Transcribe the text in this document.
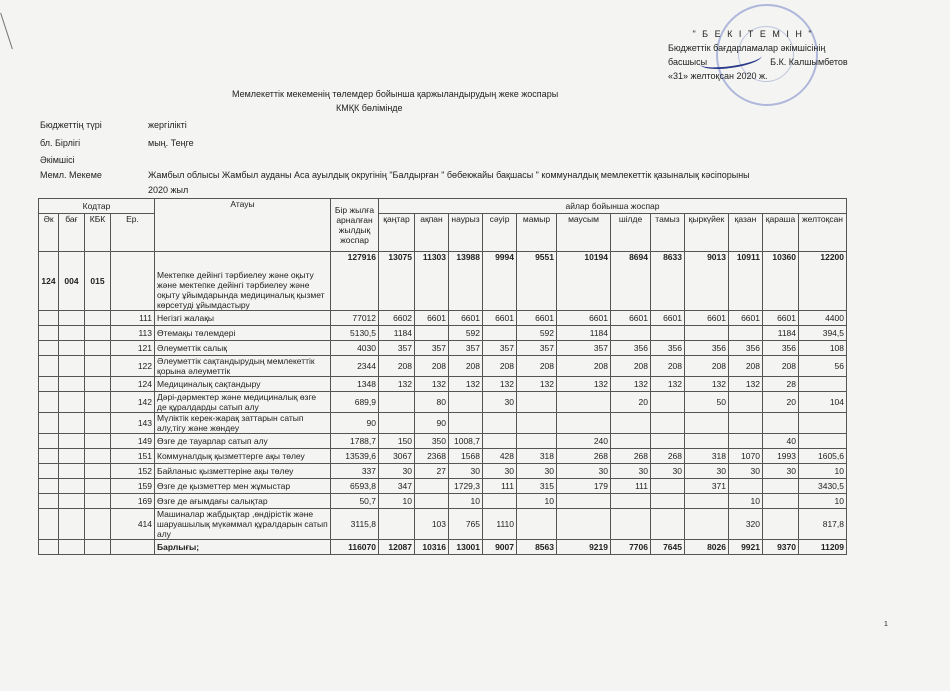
" Б Е К І Т Е М І Н "
Бюджеттік бағдарламалар әкімшісінің
басшысы	Б.К. Калшымбетов
«31» желтоқсан 2020 ж.
Мемлекеттік мекеменің төлемдер бойынша қаржыландырудың жеке жоспары
КМҚК бөлімінде
Бюджеттің түрі	жергілікті
бл. Бірлігі	мың. Теңге
Әкімшісі
Мемл. Мекеме	Жамбыл облысы Жамбыл ауданы Аса ауылдық округінің "Балдырған " бөбекжайы бақшасы " коммуналдық мемлекеттік қазыналық кәсіпорыны
2020 жыл
Кодтар				Атауы	Бір жылға арналған жылдық жоспар	айлар бойынша жоспар											
Әк	бағ	КБК	Ер.			қаңтар	ақпан	наурыз	сәуір	мамыр	маусым	шілде	тамыз	қыркүйек	қазан	қараша	желтоқсан
124	004	015		Мектепке дейінгі тәрбиелеу және оқыту және мектепке дейінгі тәрбиелеу және оқыту ұйымдарында медициналық қызмет көрсетуді ұйымдастыру	127916	13075	11303	13988	9994	9551	10194	8694	8633	9013	10911	10360	12200
			111	Негізгі жалақы	77012	6602	6601	6601	6601	6601	6601	6601	6601	6601	6601	6601	4400
			113	Өтемақы төлемдері	5130,5	1184		592		592	1184					1184	394,5
			121	Әлеуметтік салық	4030	357	357	357	357	357	357	356	356	356	356	356	108
			122	Әлеуметтік сақтандырудың мемлекеттік қорына әлеуметтік	2344	208	208	208	208	208	208	208	208	208	208	208	56
			124	Медициналық сақтандыру	1348	132	132	132	132	132	132	132	132	132	132	28	
			142	Дәрі-дәрмектер және медициналық өзге де құралдарды сатып алу	689,9		80		30			20		50		20	104
			143	Мүліктік керек-жарақ заттарын сатып алу,тігу және жөндеу	90		90										
			149	Өзге де тауарлар сатып алу	1788,7	150	350	1008,7			240					40	
			151	Коммуналдық қызметтерге ақы төлеу	13539,6	3067	2368	1568	428	318	268	268	268	318	1070	1993	1605,6
			152	Байланыс қызметтеріне ақы төлеу	337	30	27	30	30	30	30	30	30	30	30	30	10
			159	Өзге де қызметтер мен жұмыстар	6593,8	347		1729,3	111	315	179	111		371			3430,5
			169	Өзге де ағымдағы салықтар	50,7	10		10		10					10		10
			414	Машиналар жабдықтар ,өндірістік және шаруашылық мүкәммал құралдарын сатып алу	3115,8		103	765	1110						320		817,8
				Барлығы;	116070	12087	10316	13001	9007	8563	9219	7706	7645	8026	9921	9370	11209
1
